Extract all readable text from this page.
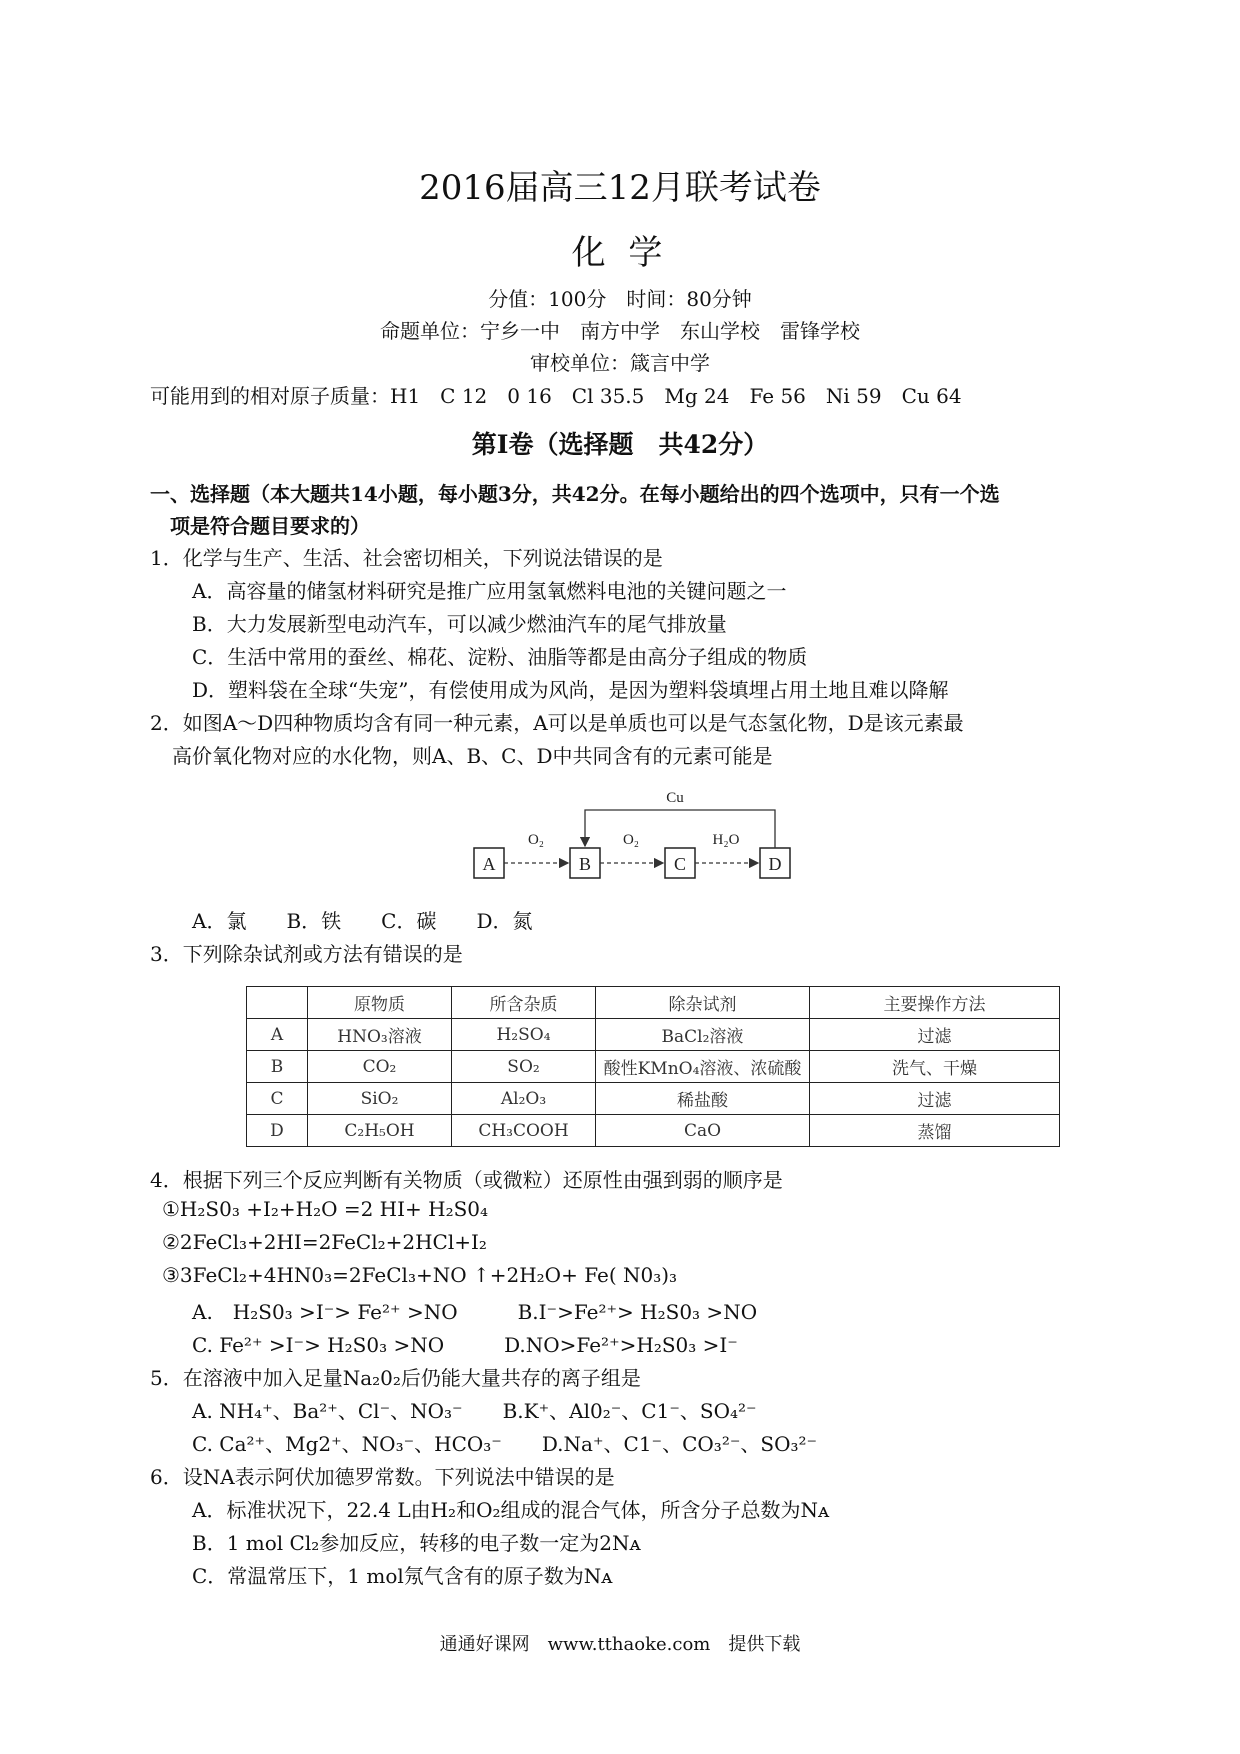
2016届高三12月联考试卷
化 学
分值：100分　时间：80分钟
命题单位：宁乡一中　南方中学　东山学校　雷锋学校
审校单位：箴言中学
可能用到的相对原子质量：H1　C 12　0 16　Cl 35.5　Mg 24　Fe 56　Ni 59　Cu 64
第I卷（选择题　共42分）
一、选择题（本大题共14小题，每小题3分，共42分。在每小题给出的四个选项中，只有一个选
项是符合题目要求的）
1．化学与生产、生活、社会密切相关，下列说法错误的是
A．高容量的储氢材料研究是推广应用氢氧燃料电池的关键问题之一
B．大力发展新型电动汽车，可以减少燃油汽车的尾气排放量
C．生活中常用的蚕丝、棉花、淀粉、油脂等都是由高分子组成的物质
D．塑料袋在全球“失宠”，有偿使用成为风尚，是因为塑料袋填埋占用土地且难以降解
2．如图A～D四种物质均含有同一种元素，A可以是单质也可以是气态氢化物，D是该元素最
高价氧化物对应的水化物，则A、B、C、D中共同含有的元素可能是
A	B	C	D
O₂	O₂	H₂O
Cu
A．氯　　B．铁　　C．碳　　D．氮
3．下列除杂试剂或方法有错误的是
	原物质	所含杂质	除杂试剂	主要操作方法
A	HNO₃溶液	H₂SO₄	BaCl₂溶液	过滤
B	CO₂	SO₂	酸性KMnO₄溶液、浓硫酸	洗气、干燥
C	SiO₂	Al₂O₃	稀盐酸	过滤
D	C₂H₅OH	CH₃COOH	CaO	蒸馏
4．根据下列三个反应判断有关物质（或微粒）还原性由强到弱的顺序是
①H₂S0₃ +I₂+H₂O =2 HI+ H₂S0₄
②2FeCl₃+2HI=2FeCl₂+2HCl+I₂
③3FeCl₂+4HN0₃=2FeCl₃+NO ↑+2H₂O+ Fe( N0₃)₃
A.　H₂S0₃ >I⁻> Fe²⁺ >NO　　　B.I⁻>Fe²⁺> H₂S0₃ >NO
C. Fe²⁺ >I⁻> H₂S0₃ >NO　　　D.NO>Fe²⁺>H₂S0₃ >I⁻
5．在溶液中加入足量Na₂0₂后仍能大量共存的离子组是
A. NH₄⁺、Ba²⁺、Cl⁻、NO₃⁻　　B.K⁺、Al0₂⁻、C1⁻、SO₄²⁻
C. Ca²⁺、Mg2⁺、NO₃⁻、HCO₃⁻　　D.Na⁺、C1⁻、CO₃²⁻、SO₃²⁻
6．设NA表示阿伏加德罗常数。下列说法中错误的是
A．标准状况下，22.4 L由H₂和O₂组成的混合气体，所含分子总数为Nᴀ
B．1 mol Cl₂参加反应，转移的电子数一定为2Nᴀ
C．常温常压下，1 mol氖气含有的原子数为Nᴀ
通通好课网　www.tthaoke.com　提供下载
